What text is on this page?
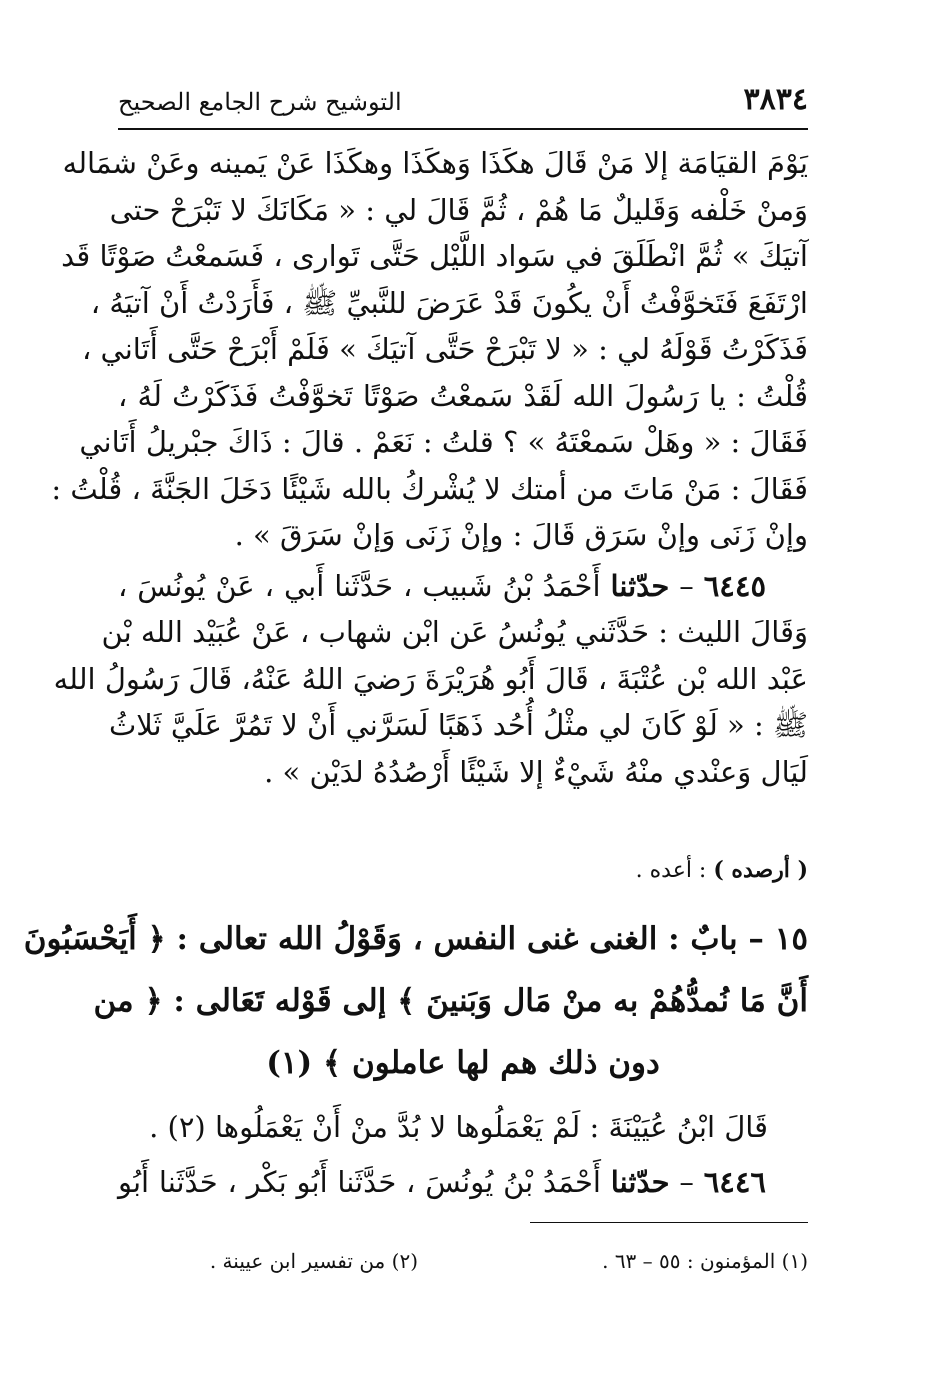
٣٨٣٤
التوشيح شرح الجامع الصحيح
يَوْمَ القيَامَة إلا مَنْ قَالَ هكَذَا وَهكَذَا وهكَذَا عَنْ يَمينه وعَنْ شمَاله
وَمنْ خَلْفه وَقَليلٌ مَا هُمْ ، ثُمَّ قَالَ لي : « مَكَانَكَ لا تَبْرَحْ حتى
آتيَكَ » ثُمَّ انْطَلَقَ في سَواد اللَّيْل حَتَّى تَوارى ، فَسَمعْتُ صَوْتًا قَد
ارْتَفَعَ فَتَخوَّفْتُ أَنْ يكُونَ قَدْ عَرَضَ للنَّبيِّ ﷺ ، فَأَرَدْتُ أَنْ آتيَهُ ،
فَذَكَرْتُ قَوْلَهُ لي : « لا تَبْرَحْ حَتَّى آتيَكَ » فَلَمْ أَبْرَحْ حَتَّى أَتَاني ،
قُلْتُ : يا رَسُولَ الله لَقَدْ سَمعْتُ صَوْتًا تَخوَّفْتُ فَذَكَرْتُ لَهُ ،
فَقَالَ : « وهَلْ سَمعْتَهُ » ؟ قلتُ : نَعَمْ . قالَ : ذَاكَ جبْريلُ أَتَاني
فَقَالَ : مَنْ مَاتَ من أمتك لا يُشْركُ بالله شَيْئًا دَخَلَ الجَنَّةَ ، قُلْتُ :
وإنْ زَنَى وإنْ سَرَق قَالَ : وإنْ زَنَى وَإنْ سَرَقَ » .
٦٤٤٥ – حدّثنا أَحْمَدُ بْنُ شَبيب ، حَدَّثَنا أَبي ، عَنْ يُونُسَ ،
وَقَالَ الليث : حَدَّثَني يُونُسُ عَن ابْن شهاب ، عَنْ عُبَيْد الله بْن
عَبْد الله بْن عُتْبَةَ ، قَالَ أَبُو هُرَيْرَةَ رَضيَ اللهُ عَنْهُ، قَالَ رَسُولُ الله
ﷺ : « لَوْ كَانَ لي مثْلُ أُحُد ذَهَبًا لَسَرَّني أَنْ لا تَمُرَّ عَلَيَّ ثَلاثُ
لَيَال وَعنْدي منْهُ شَيْءٌ إلا شَيْئًا أَرْصُدُهُ لدَيْن » .
( أرصده ) : أعده .
١٥ – بابٌ : الغنى غنى النفس ، وَقَوْلُ الله تعالى : ﴿ أَيَحْسَبُونَ
أَنَّ مَا نُمدُّهُمْ به منْ مَال وَبَنينَ ﴾ إلى قَوْله تَعَالى : ﴿ من
دون ذلك هم لها عاملون ﴾ (١)
قَالَ ابْنُ عُيَيْنَةَ : لَمْ يَعْمَلُوها لا بُدَّ منْ أَنْ يَعْمَلُوها (٢) .
٦٤٤٦ – حدّثنا أَحْمَدُ بْنُ يُونُسَ ، حَدَّثَنا أَبُو بَكْر ، حَدَّثَنا أَبُو
(١) المؤمنون : ٥٥ – ٦٣ .
(٢) من تفسير ابن عيينة .
